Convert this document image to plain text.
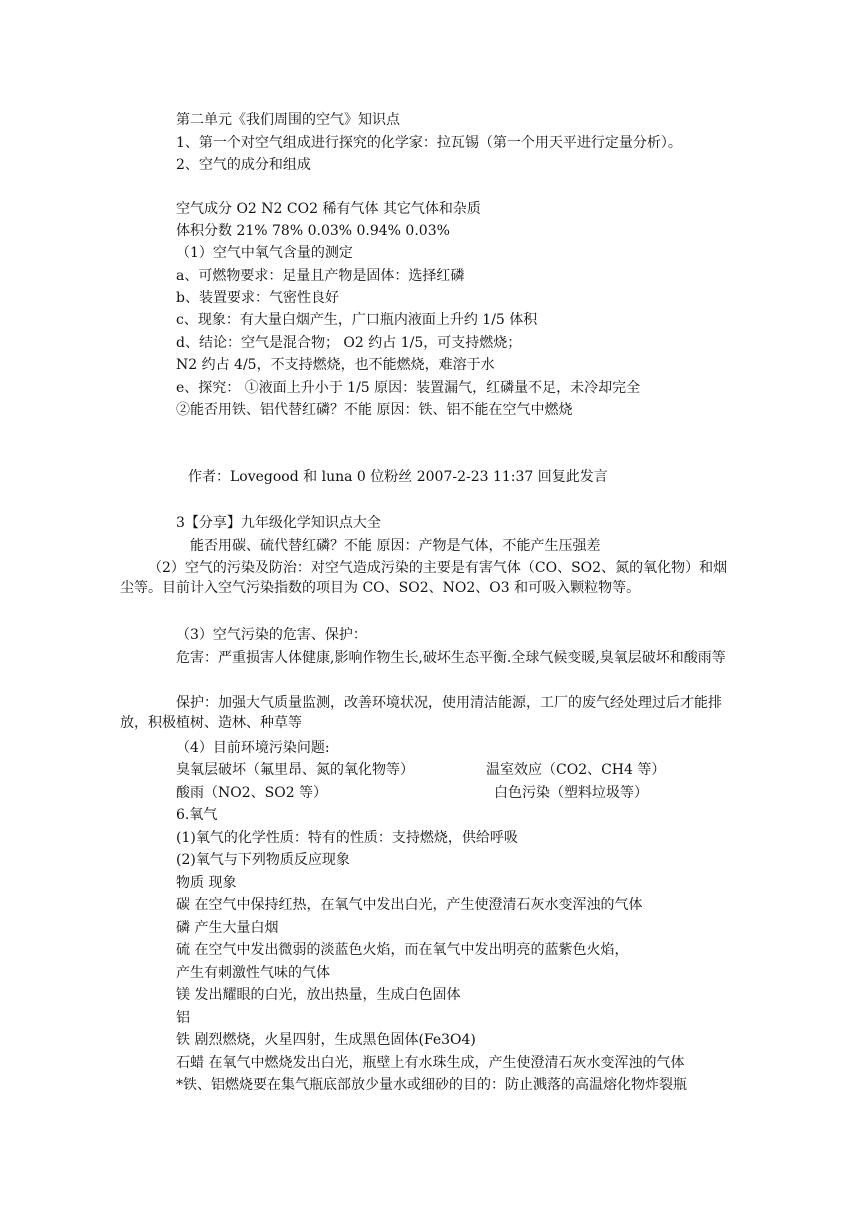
第二单元《我们周围的空气》知识点
1、第一个对空气组成进行探究的化学家：拉瓦锡（第一个用天平进行定量分析）。
2、空气的成分和组成
空气成分 O2 N2 CO2 稀有气体 其它气体和杂质
体积分数 21% 78% 0.03% 0.94% 0.03%
（1）空气中氧气含量的测定
a、可燃物要求：足量且产物是固体：选择红磷
b、装置要求：气密性良好
c、现象：有大量白烟产生，广口瓶内液面上升约 1/5 体积
d、结论：空气是混合物； O2 约占 1/5，可支持燃烧；
N2 约占 4/5，不支持燃烧，也不能燃烧，难溶于水
e、探究： ①液面上升小于 1/5 原因：装置漏气，红磷量不足，未冷却完全
②能否用铁、铝代替红磷？不能 原因：铁、铝不能在空气中燃烧
作者：Lovegood 和 luna 0 位粉丝 2007-2-23 11:37 回复此发言
3【分享】九年级化学知识点大全
能否用碳、硫代替红磷？不能 原因：产物是气体，不能产生压强差
（2）空气的污染及防治：对空气造成污染的主要是有害气体（CO、SO2、氮的氧化物）和烟尘等。目前计入空气污染指数的项目为 CO、SO2、NO2、O3 和可吸入颗粒物等。
（3）空气污染的危害、保护：
危害：严重损害人体健康,影响作物生长,破坏生态平衡.全球气候变暖,臭氧层破坏和酸雨等
保护：加强大气质量监测，改善环境状况，使用清洁能源，工厂的废气经处理过后才能排放，积极植树、造林、种草等
（4）目前环境污染问题:
臭氧层破坏（氟里昂、氮的氧化物等）	温室效应（CO2、CH4 等）
酸雨（NO2、SO2 等）	白色污染（塑料垃圾等）
6.氧气
(1)氧气的化学性质：特有的性质：支持燃烧，供给呼吸
(2)氧气与下列物质反应现象
物质 现象
碳 在空气中保持红热，在氧气中发出白光，产生使澄清石灰水变浑浊的气体
磷 产生大量白烟
硫 在空气中发出微弱的淡蓝色火焰，而在氧气中发出明亮的蓝紫色火焰，
产生有刺激性气味的气体
镁 发出耀眼的白光，放出热量，生成白色固体
铝
铁 剧烈燃烧，火星四射，生成黑色固体(Fe3O4)
石蜡 在氧气中燃烧发出白光，瓶壁上有水珠生成，产生使澄清石灰水变浑浊的气体
*铁、铝燃烧要在集气瓶底部放少量水或细砂的目的：防止溅落的高温熔化物炸裂瓶
